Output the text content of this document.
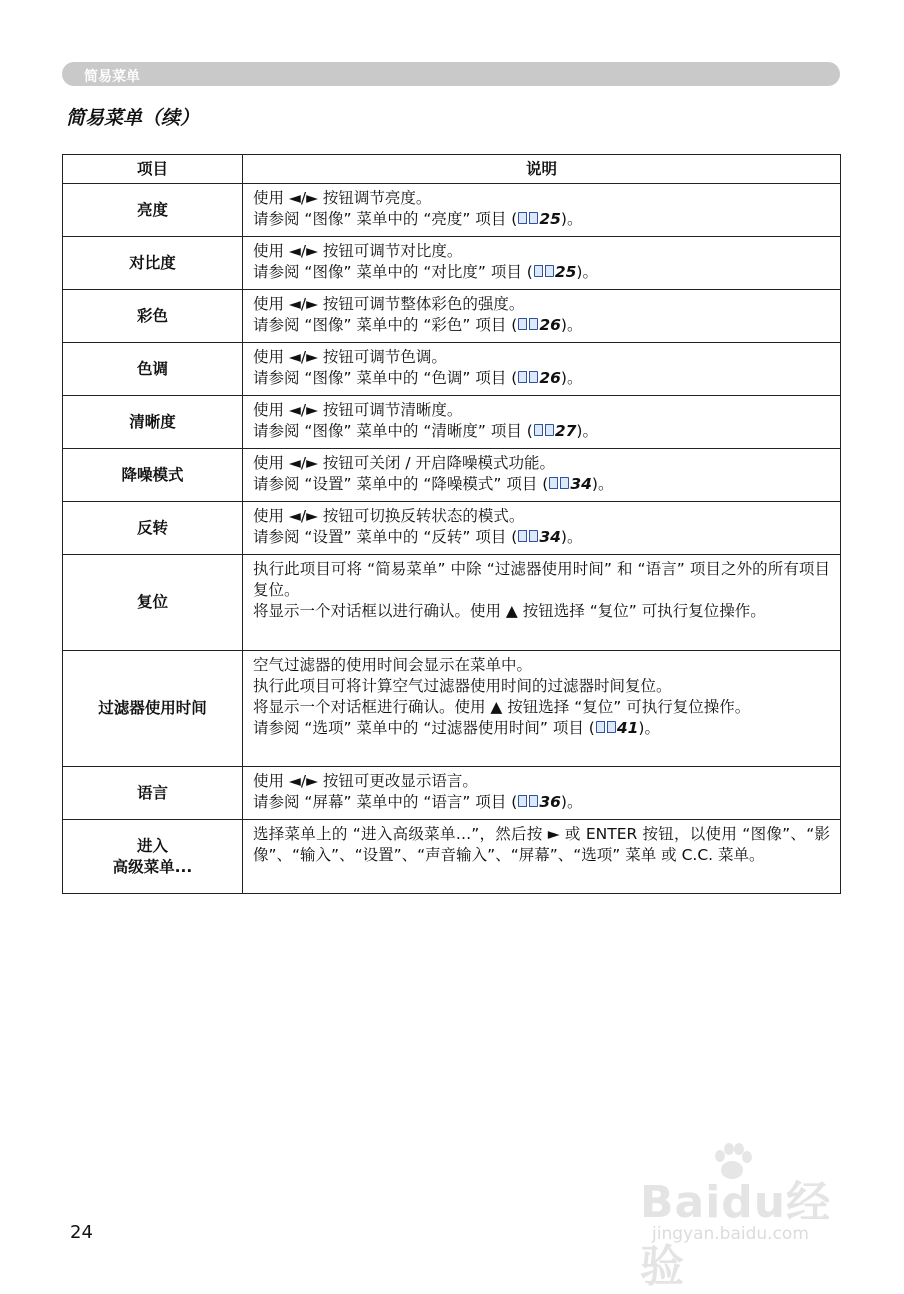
简易菜单
简易菜单（续）
项目	说明

亮度	使用 ◄/► 按钮调节亮度。
请参阅 “图像” 菜单中的 “亮度” 项目 ( 25)。

对比度	使用 ◄/► 按钮可调节对比度。
请参阅 “图像” 菜单中的 “对比度” 项目 ( 25)。

彩色	使用 ◄/► 按钮可调节整体彩色的强度。
请参阅 “图像” 菜单中的 “彩色” 项目 ( 26)。

色调	使用 ◄/► 按钮可调节色调。
请参阅 “图像” 菜单中的 “色调” 项目 ( 26)。

清晰度	使用 ◄/► 按钮可调节清晰度。
请参阅 “图像” 菜单中的 “清晰度” 项目 ( 27)。

降噪模式	使用 ◄/► 按钮可关闭 / 开启降噪模式功能。
请参阅 “设置” 菜单中的 “降噪模式” 项目 ( 34)。

反转	使用 ◄/► 按钮可切换反转状态的模式。
请参阅 “设置” 菜单中的 “反转” 项目 ( 34)。

复位	执行此项目可将 “简易菜单” 中除 “过滤器使用时间” 和 “语言” 项目之外的所有项目复位。
将显示一个对话框以进行确认。使用 ▲ 按钮选择 “复位” 可执行复位操作。

过滤器使用时间	空气过滤器的使用时间会显示在菜单中。
执行此项目可将计算空气过滤器使用时间的过滤器时间复位。
将显示一个对话框进行确认。使用 ▲ 按钮选择 “复位” 可执行复位操作。
请参阅 “选项” 菜单中的 “过滤器使用时间” 项目 ( 41)。

语言	使用 ◄/► 按钮可更改显示语言。
请参阅 “屏幕” 菜单中的 “语言” 项目 ( 36)。

进入
高级菜单...	选择菜单上的 “进入高级菜单…”，然后按 ► 或 ENTER 按钮，以使用 “图像”、“影像”、“输入”、“设置”、“声音输入”、“屏幕”、“选项” 菜单 或 C.C. 菜单。
24
Baidu经验
jingyan.baidu.com
